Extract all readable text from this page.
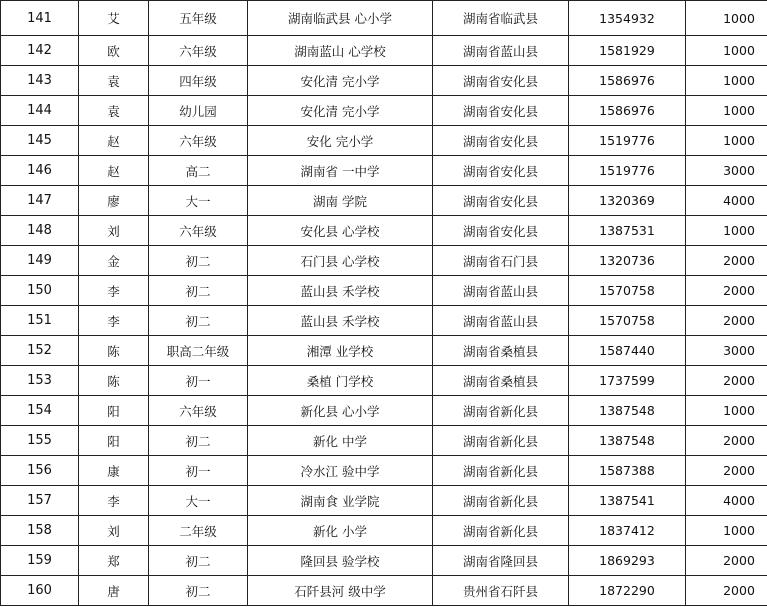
141	艾	五年级	湖南临武县 心小学	湖南省临武县	1354932	1000
142	欧	六年级	湖南蓝山 心学校	湖南省蓝山县	1581929	1000
143	袁	四年级	安化清 完小学	湖南省安化县	1586976	1000
144	袁	幼儿园	安化清 完小学	湖南省安化县	1586976	1000
145	赵	六年级	安化 完小学	湖南省安化县	1519776	1000
146	赵	高二	湖南省 一中学	湖南省安化县	1519776	3000
147	廖	大一	湖南 学院	湖南省安化县	1320369	4000
148	刘	六年级	安化县 心学校	湖南省安化县	1387531	1000
149	金	初二	石门县 心学校	湖南省石门县	1320736	2000
150	李	初二	蓝山县 禾学校	湖南省蓝山县	1570758	2000
151	李	初二	蓝山县 禾学校	湖南省蓝山县	1570758	2000
152	陈	职高二年级	湘潭 业学校	湖南省桑植县	1587440	3000
153	陈	初一	桑植 门学校	湖南省桑植县	1737599	2000
154	阳	六年级	新化县 心小学	湖南省新化县	1387548	1000
155	阳	初二	新化 中学	湖南省新化县	1387548	2000
156	康	初一	冷水江 验中学	湖南省新化县	1587388	2000
157	李	大一	湖南食 业学院	湖南省新化县	1387541	4000
158	刘	二年级	新化 小学	湖南省新化县	1837412	1000
159	郑	初二	隆回县 验学校	湖南省隆回县	1869293	2000
160	唐	初二	石阡县河 级中学	贵州省石阡县	1872290	2000
